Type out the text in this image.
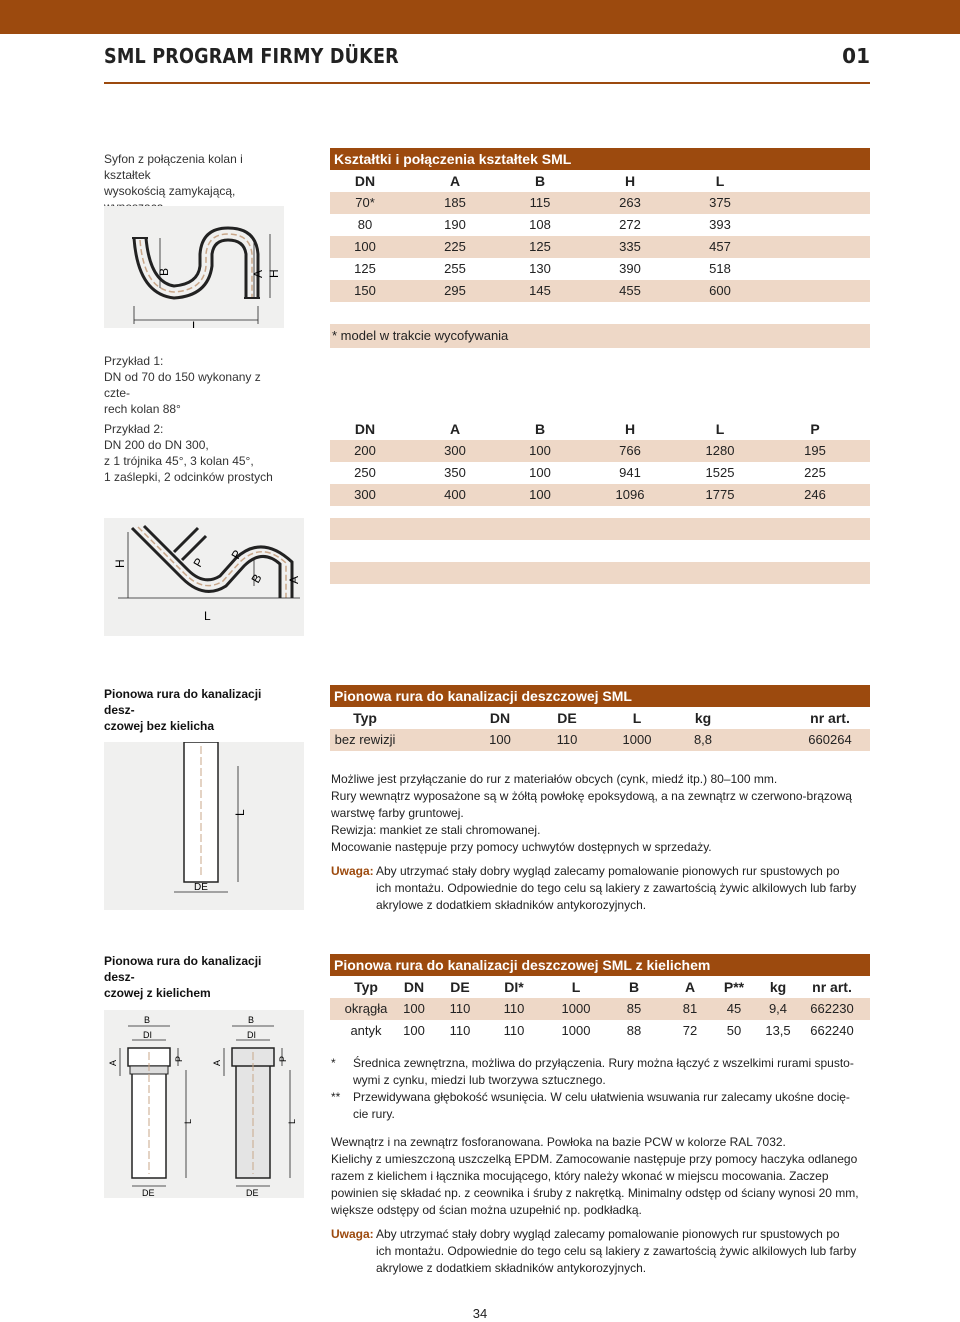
SML PROGRAM FIRMY DÜKER	01
Syfon z połączenia kolan i kształtek
wysokością zamykającą,
B	A H
L
Kształtki i połączenia kształtek SML
DN	A	B	H	L
70*	185	115	263	375
80	190	108	272	393
100	225	125	335	457
125	255	130	390	518
150	295	145	455	600
* model w trakcie wycofywania
Przykład 1:
DN od 70 do 150 wykonany z czte-
rech kolan 88°
Przykład 2:
DN 200 do DN 300,
z 1 trójnika 45°, 3 kolan 45°,
1 zaślepki, 2 odcinków prostych
DN	A	B	H	L	P
200	300	100	766	1280	195
250	350	100	941	1525	225
300	400	100	1096	1775	246
H	P
P
B A
L
Pionowa rura do kanalizacji desz-
czowej bez kielicha
Pionowa rura do kanalizacji deszczowej SML
Typ	DN	DE	L	kg	nr art.
bez rewizji	100	110	1000	8,8	660264
L
DE
Możliwe jest przyłączanie do rur z materiałów obcych (cynk, miedź itp.) 80–100 mm.
Rury wewnątrz wyposażone są w żółtą powłokę epoksydową, a na zewnątrz w czerwono-brązową
warstwę farby gruntowej.
Rewizja: mankiet ze stali chromowanej.
Mocowanie następuje przy pomocy uchwytów dostępnych w sprzedaży.
Uwaga: Aby utrzymać stały dobry wygląd zalecamy pomalowanie pionowych rur spustowych po
ich montażu. Odpowiednie do tego celu są lakiery z zawartością żywic alkilowych lub farby
akrylowe z dodatkiem składników antykorozyjnych.
Pionowa rura do kanalizacji desz-
czowej z kielichem
Pionowa rura do kanalizacji deszczowej SML z kielichem
Typ	DN	DE	DI*	L	B	A	P**	kg	nr art.
okrągła	100	110	110	1000	85	81	45	9,4	662230
antyk	100	110	110	1000	88	72	50	13,5	662240
B
DI
A
P
L
DE
B
DI
A
P
L
DE
* Średnica zewnętrzna, możliwa do przyłączenia. Rury można łączyć z wszelkimi rurami spusto-
wymi z cynku, miedzi lub tworzywa sztucznego.
** Przewidywana głębokość wsunięcia. W celu ułatwienia wsuwania rur zalecamy ukośne docię-
cie rury.
Wewnątrz i na zewnątrz fosforanowana. Powłoka na bazie PCW w kolorze RAL 7032.
Kielichy z umieszczoną uszczelką EPDM. Zamocowanie następuje przy pomocy haczyka odlanego
razem z kielichem i łącznika mocującego, który należy wkonać w miejscu mocowania. Zaczep
powinien się składać np. z ceownika i śruby z nakrętką. Minimalny odstęp od ściany wynosi 20 mm,
większe odstępy od ścian można uzupełnić np. podkładką.
Uwaga: Aby utrzymać stały dobry wygląd zalecamy pomalowanie pionowych rur spustowych po
ich montażu. Odpowiednie do tego celu są lakiery z zawartością żywic alkilowych lub farby
akrylowe z dodatkiem składników antykorozyjnych.
34
